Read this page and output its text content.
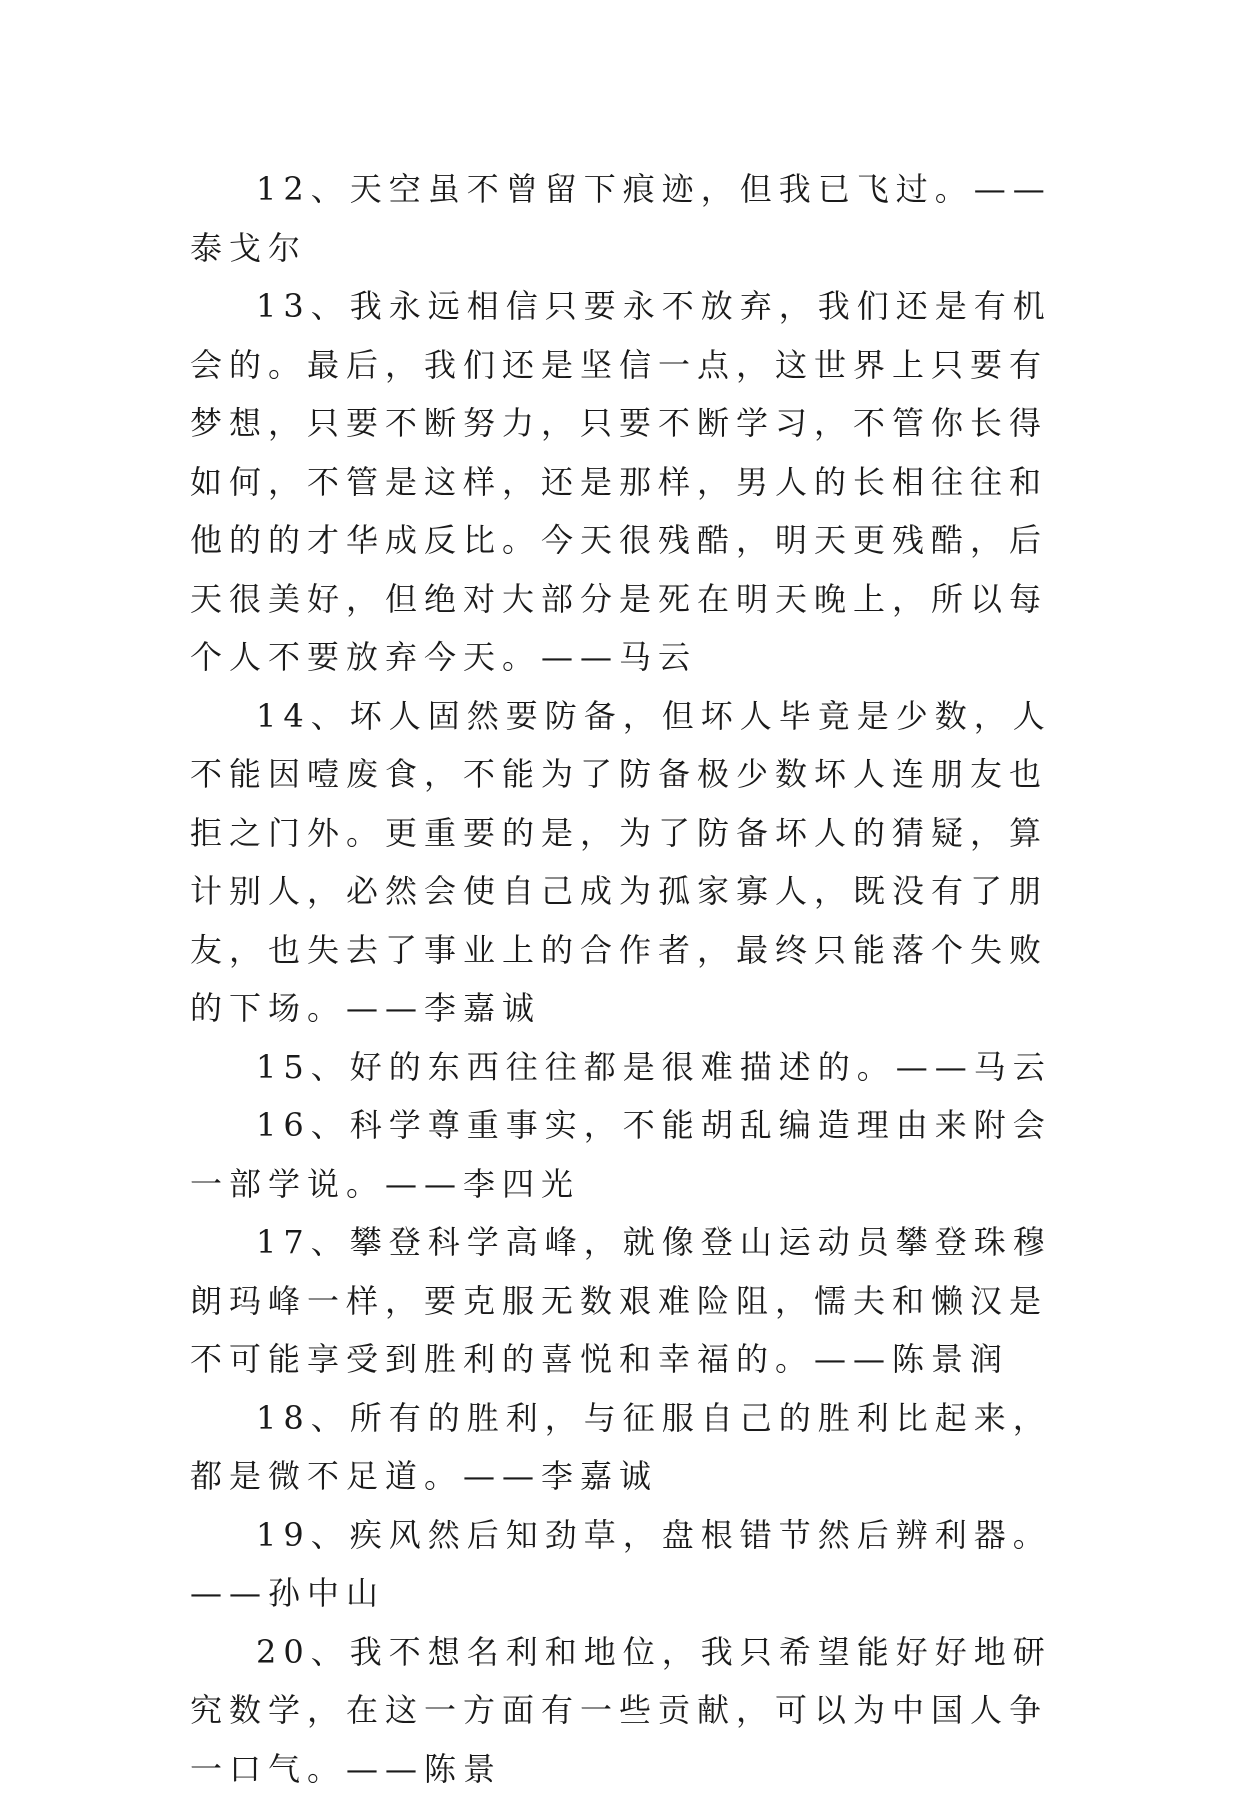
12、天空虽不曾留下痕迹，但我已飞过。——泰戈尔

13、我永远相信只要永不放弃，我们还是有机会的。最后，我们还是坚信一点，这世界上只要有梦想，只要不断努力，只要不断学习，不管你长得如何，不管是这样，还是那样，男人的长相往往和他的的才华成反比。今天很残酷，明天更残酷，后天很美好，但绝对大部分是死在明天晚上，所以每个人不要放弃今天。——马云

14、坏人固然要防备，但坏人毕竟是少数，人不能因噎废食，不能为了防备极少数坏人连朋友也拒之门外。更重要的是，为了防备坏人的猜疑，算计别人，必然会使自己成为孤家寡人，既没有了朋友，也失去了事业上的合作者，最终只能落个失败的下场。——李嘉诚

15、好的东西往往都是很难描述的。——马云

16、科学尊重事实，不能胡乱编造理由来附会一部学说。——李四光

17、攀登科学高峰，就像登山运动员攀登珠穆朗玛峰一样，要克服无数艰难险阻，懦夫和懒汉是不可能享受到胜利的喜悦和幸福的。——陈景润

18、所有的胜利，与征服自己的胜利比起来，都是微不足道。——李嘉诚

19、疾风然后知劲草，盘根错节然后辨利器。——孙中山

20、我不想名利和地位，我只希望能好好地研究数学，在这一方面有一些贡献，可以为中国人争一口气。——陈景
